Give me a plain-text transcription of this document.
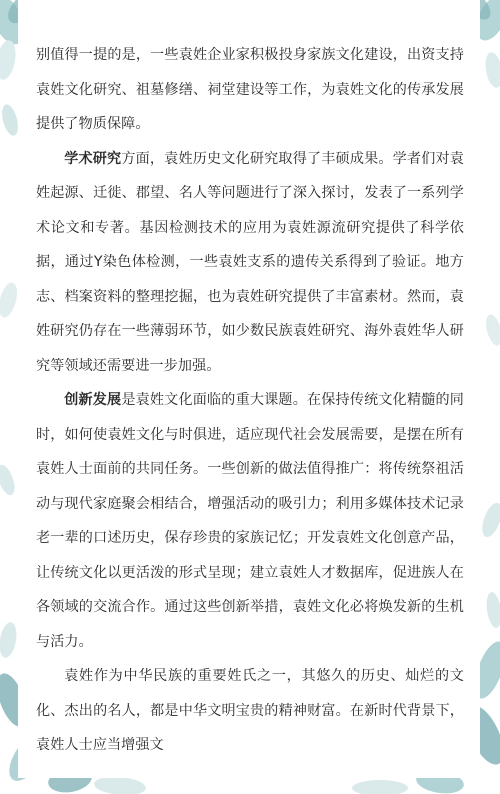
别值得一提的是，一些袁姓企业家积极投身家族文化建设，出资支持袁姓文化研究、祖墓修缮、祠堂建设等工作，为袁姓文化的传承发展提供了物质保障。

学术研究方面，袁姓历史文化研究取得了丰硕成果。学者们对袁姓起源、迁徙、郡望、名人等问题进行了深入探讨，发表了一系列学术论文和专著。基因检测技术的应用为袁姓源流研究提供了科学依据，通过Y染色体检测，一些袁姓支系的遗传关系得到了验证。地方志、档案资料的整理挖掘，也为袁姓研究提供了丰富素材。然而，袁姓研究仍存在一些薄弱环节，如少数民族袁姓研究、海外袁姓华人研究等领域还需要进一步加强。

创新发展是袁姓文化面临的重大课题。在保持传统文化精髓的同时，如何使袁姓文化与时俱进，适应现代社会发展需要，是摆在所有袁姓人士面前的共同任务。一些创新的做法值得推广：将传统祭祖活动与现代家庭聚会相结合，增强活动的吸引力；利用多媒体技术记录老一辈的口述历史，保存珍贵的家族记忆；开发袁姓文化创意产品，让传统文化以更活泼的形式呈现；建立袁姓人才数据库，促进族人在各领域的交流合作。通过这些创新举措，袁姓文化必将焕发新的生机与活力。

袁姓作为中华民族的重要姓氏之一，其悠久的历史、灿烂的文化、杰出的名人，都是中华文明宝贵的精神财富。在新时代背景下，袁姓人士应当增强文
